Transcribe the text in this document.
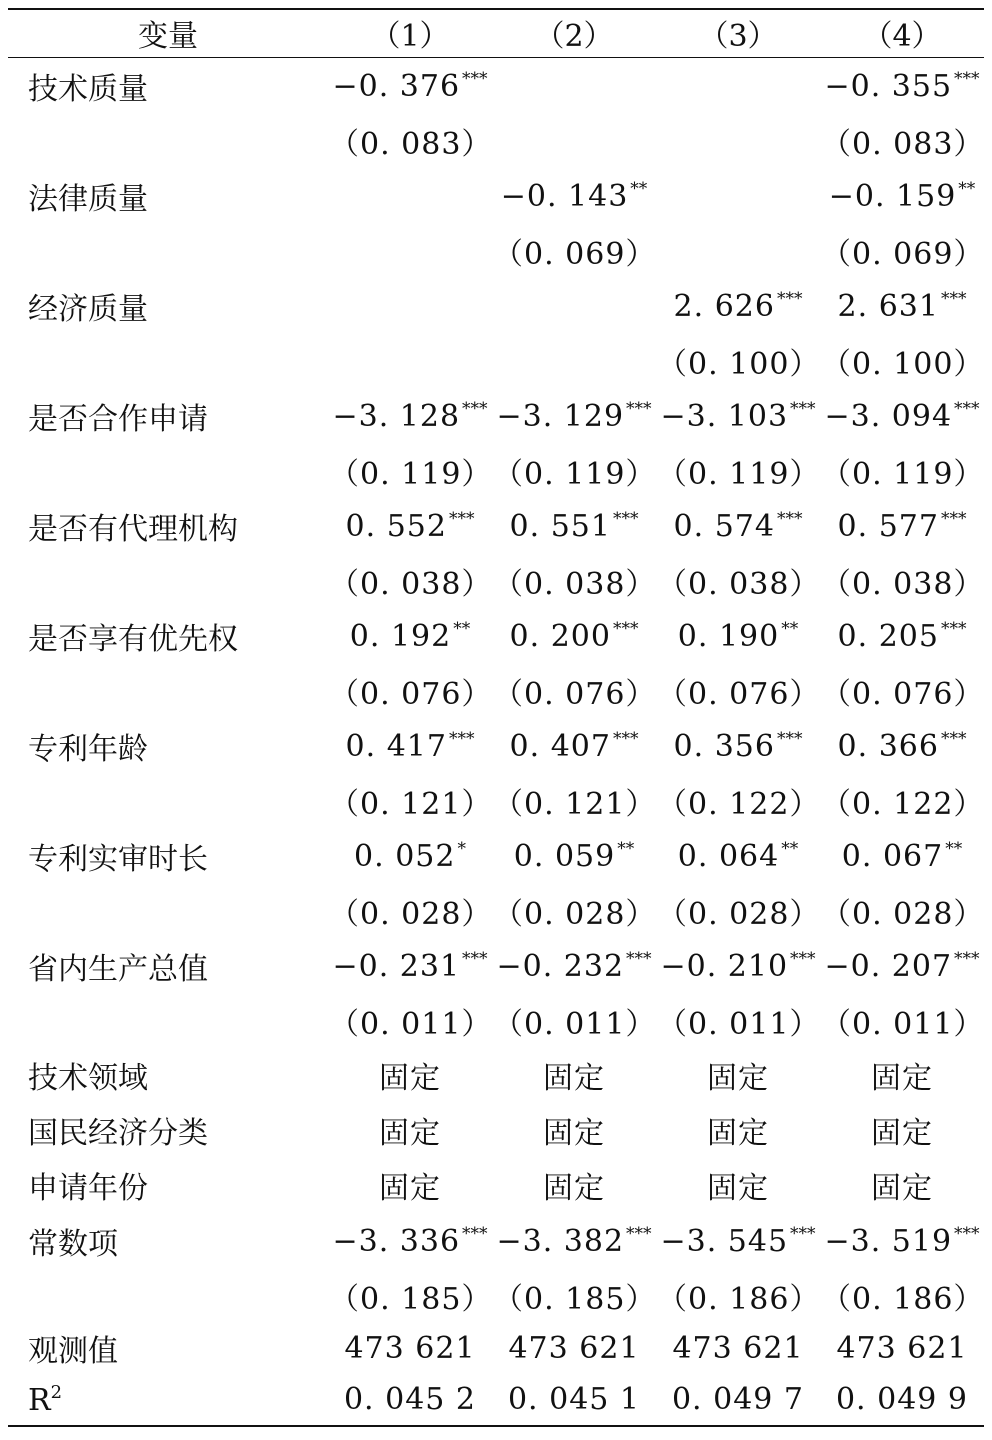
变量	（1）	（2）	（3）	（4）
技术质量	−0. 376 ***			−0. 355 ***
	（0. 083）			（0. 083）
法律质量		−0. 143 **		−0. 159 **
		（0. 069）		（0. 069）
经济质量			2. 626 ***	2. 631 ***
			（0. 100）	（0. 100）
是否合作申请	−3. 128 ***	−3. 129 ***	−3. 103 ***	−3. 094 ***
	（0. 119）	（0. 119）	（0. 119）	（0. 119）
是否有代理机构	0. 552 ***	0. 551 ***	0. 574 ***	0. 577 ***
	（0. 038）	（0. 038）	（0. 038）	（0. 038）
是否享有优先权	0. 192 **	0. 200 ***	0. 190 **	0. 205 ***
	（0. 076）	（0. 076）	（0. 076）	（0. 076）
专利年龄	0. 417 ***	0. 407 ***	0. 356 ***	0. 366 ***
	（0. 121）	（0. 121）	（0. 122）	（0. 122）
专利实审时长	0. 052 *	0. 059 **	0. 064 **	0. 067 **
	（0. 028）	（0. 028）	（0. 028）	（0. 028）
省内生产总值	−0. 231 ***	−0. 232 ***	−0. 210 ***	−0. 207 ***
	（0. 011）	（0. 011）	（0. 011）	（0. 011）
技术领域	固定	固定	固定	固定
国民经济分类	固定	固定	固定	固定
申请年份	固定	固定	固定	固定
常数项	−3. 336 ***	−3. 382 ***	−3. 545 ***	−3. 519 ***
	（0. 185）	（0. 185）	（0. 186）	（0. 186）
观测值	473 621	473 621	473 621	473 621
$R^2$	0. 045 2	0. 045 1	0. 049 7	0. 049 9
